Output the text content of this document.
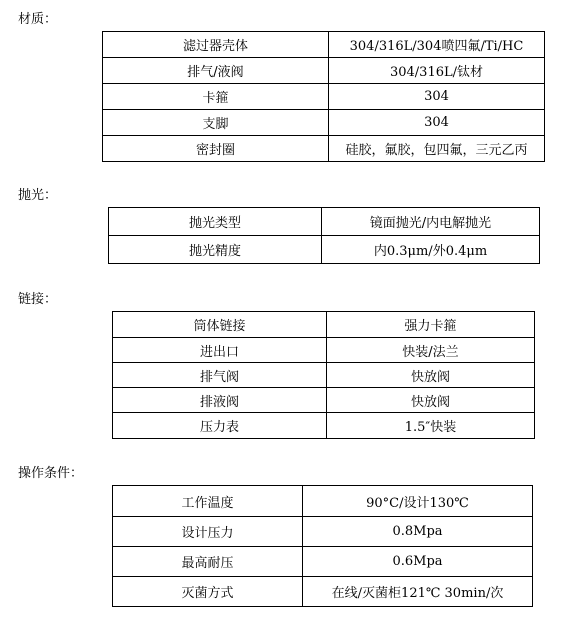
材质：
滤过器壳体	304/316L/304喷四氟/Ti/HC
排气/液阀	304/316L/钛材
卡箍	304
支脚	304
密封圈	硅胶，氟胶，包四氟，三元乙丙
抛光：
抛光类型	镜面抛光/内电解抛光
抛光精度	内0.3μm/外0.4μm
链接：
筒体链接	强力卡箍
进出口	快装/法兰
排气阀	快放阀
排液阀	快放阀
压力表	1.5″快装
操作条件：
工作温度	90°C/设计130℃
设计压力	0.8Mpa
最高耐压	0.6Mpa
灭菌方式	在线/灭菌柜121℃ 30min/次
